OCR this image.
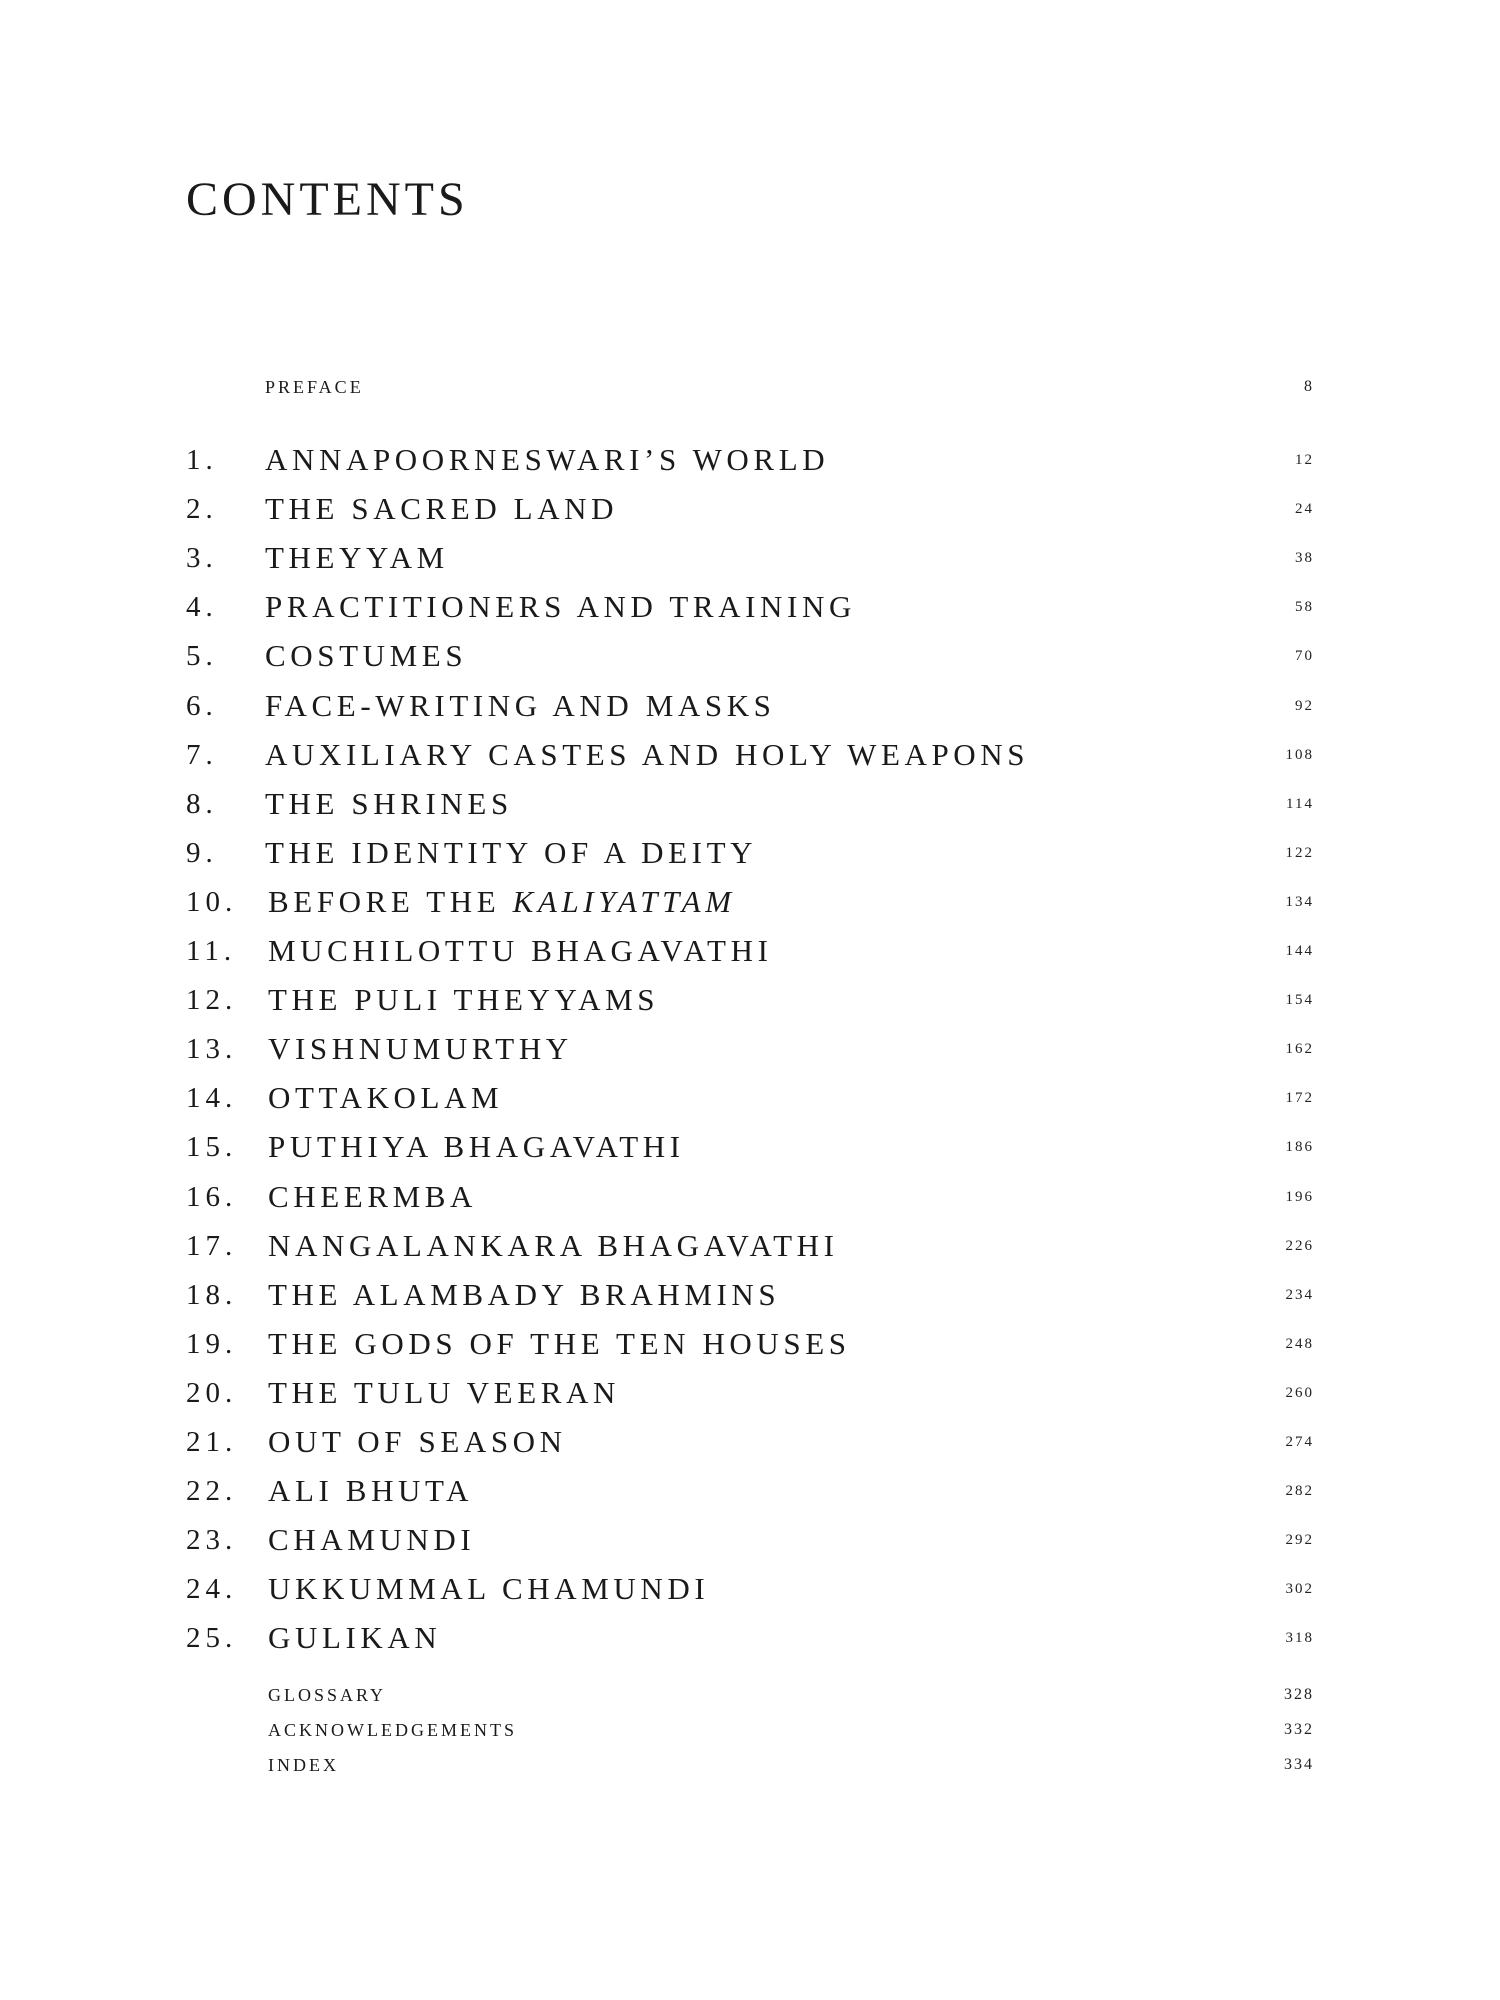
CONTENTS
PREFACE	8
1. ANNAPOORNESWARI’S WORLD	12
2. THE SACRED LAND	24
3. THEYYAM	38
4. PRACTITIONERS AND TRAINING	58
5. COSTUMES	70
6. FACE-WRITING AND MASKS	92
7. AUXILIARY CASTES AND HOLY WEAPONS	108
8. THE SHRINES	114
9. THE IDENTITY OF A DEITY	122
10. BEFORE THE KALIYATTAM	134
11. MUCHILOTTU BHAGAVATHI	144
12. THE PULI THEYYAMS	154
13. VISHNUMURTHY	162
14. OTTAKOLAM	172
15. PUTHIYA BHAGAVATHI	186
16. CHEERMBA	196
17. NANGALANKARA BHAGAVATHI	226
18. THE ALAMBADY BRAHMINS	234
19. THE GODS OF THE TEN HOUSES	248
20. THE TULU VEERAN	260
21. OUT OF SEASON	274
22. ALI BHUTA	282
23. CHAMUNDI	292
24. UKKUMMAL CHAMUNDI	302
25. GULIKAN	318
GLOSSARY	328
ACKNOWLEDGEMENTS	332
INDEX	334
